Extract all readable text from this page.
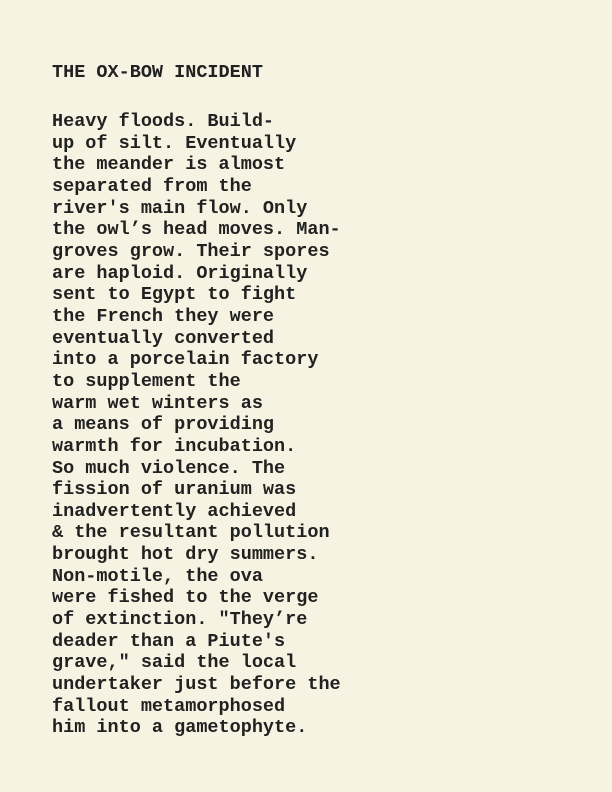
THE OX-BOW INCIDENT
Heavy floods. Build-
up of silt. Eventually
the meander is almost
separated from the
river's main flow. Only
the owl’s head moves. Man-
groves grow. Their spores
are haploid. Originally
sent to Egypt to fight
the French they were
eventually converted
into a porcelain factory
to supplement the
warm wet winters as
a means of providing
warmth for incubation.
So much violence. The
fission of uranium was
inadvertently achieved
& the resultant pollution
brought hot dry summers.
Non-motile, the ova
were fished to the verge
of extinction. "They’re
deader than a Piute's
grave," said the local
undertaker just before the
fallout metamorphosed
him into a gametophyte.
